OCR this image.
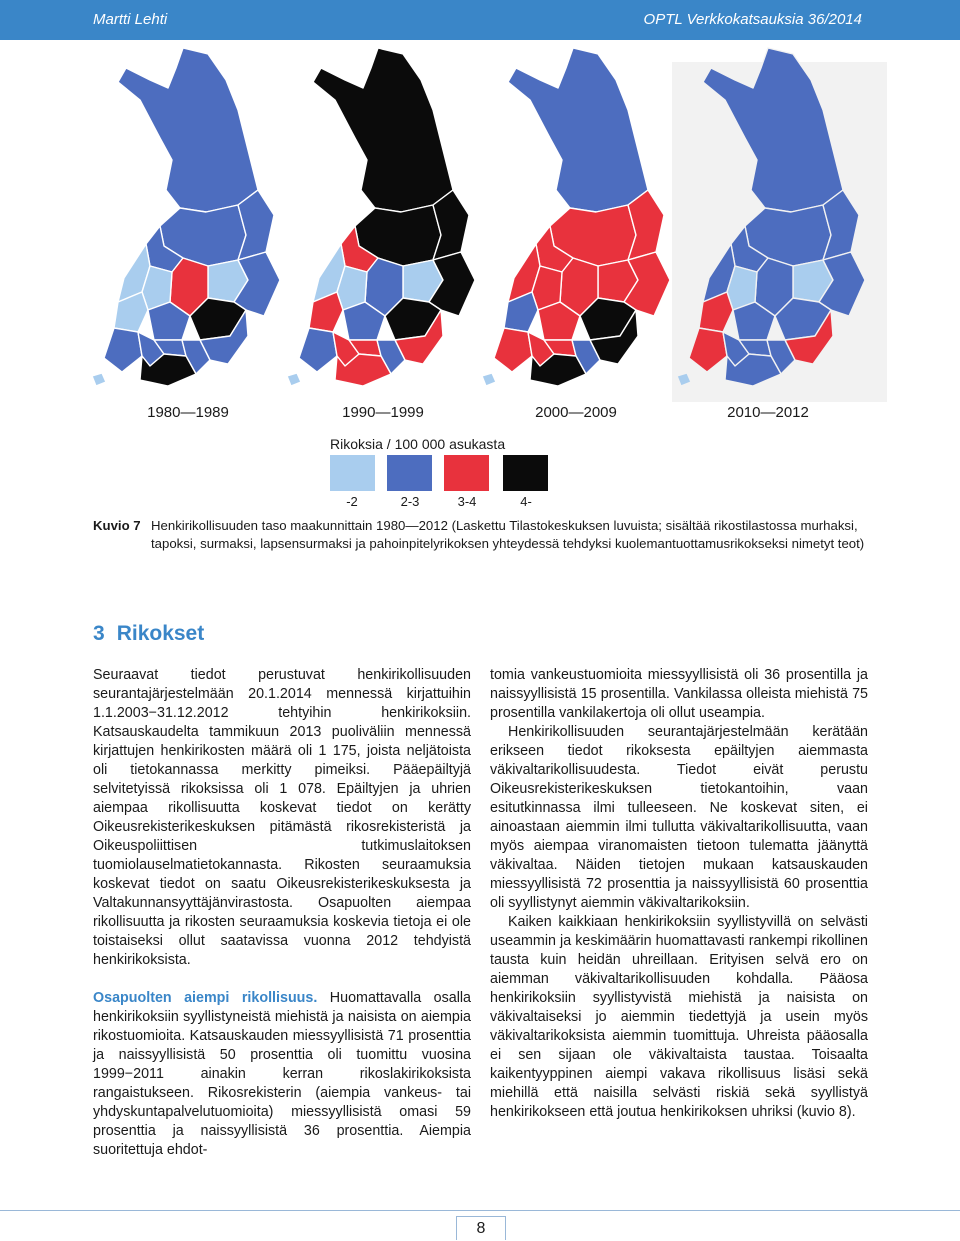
Martti Lehti	OPTL Verkkokatsauksia 36/2014
1980—1989	1990—1999	2000—2009	2010—2012
Rikoksia / 100 000 asukasta
-2	2-3	3-4	4-
Kuvio 7 Henkirikollisuuden taso maakunnittain 1980—2012 (Laskettu Tilastokeskuksen luvuista; sisältää rikostilastossa murhaksi, tapoksi, surmaksi, lapsensurmaksi ja pahoinpitelyrikoksen yhteydessä tehdyksi kuolemantuottamusrikokseksi nimetyt teot)
3 Rikokset

Seuraavat tiedot perustuvat henkirikollisuuden seurantajärjestelmään 20.1.2014 mennessä kirjattuihin 1.1.2003−31.12.2012 tehtyihin henkirikoksiin. Katsauskaudelta tammikuun 2013 puoliväliin mennessä kirjattujen henkirikosten määrä oli 1 175, joista neljätoista oli tietokannassa merkitty pimeiksi. Pääepäiltyjä selvitetyissä rikoksissa oli 1 078. Epäiltyjen ja uhrien aiempaa rikollisuutta koskevat tiedot on kerätty Oikeusrekisterikeskuksen pitämästä rikosrekisteristä ja Oikeuspoliittisen tutkimuslaitoksen tuomiolauselmatietokannasta. Rikosten seuraamuksia koskevat tiedot on saatu Oikeusrekisterikeskuksesta ja Valtakunnansyyttäjänvirastosta. Osapuolten aiempaa rikollisuutta ja rikosten seuraamuksia koskevia tietoja ei ole toistaiseksi ollut saatavissa vuonna 2012 tehdyistä henkirikoksista.

Osapuolten aiempi rikollisuus. Huomattavalla osalla henkirikoksiin syyllistyneistä miehistä ja naisista on aiempia rikostuomioita. Katsauskauden miessyyllisistä 71 prosenttia ja naissyyllisistä 50 prosenttia oli tuomittu vuosina 1999−2011 ainakin kerran rikoslakirikoksista rangaistukseen. Rikosrekisterin (aiempia vankeus- tai yhdyskuntapalvelutuomioita) miessyyllisistä omasi 59 prosenttia ja naissyyllisistä 36 prosenttia. Aiempia suoritettuja ehdot-

tomia vankeustuomioita miessyyllisistä oli 36 prosentilla ja naissyyllisistä 15 prosentilla. Vankilassa olleista miehistä 75 prosentilla vankilakertoja oli ollut useampia.

Henkirikollisuuden seurantajärjestelmään kerätään erikseen tiedot rikoksesta epäiltyjen aiemmasta väkivaltarikollisuudesta. Tiedot eivät perustu Oikeusrekisterikeskuksen tietokantoihin, vaan esitutkinnassa ilmi tulleeseen. Ne koskevat siten, ei ainoastaan aiemmin ilmi tullutta väkivaltarikollisuutta, vaan myös aiempaa viranomaisten tietoon tulematta jäänyttä väkivaltaa. Näiden tietojen mukaan katsauskauden miessyyllisistä 72 prosenttia ja naissyyllisistä 60 prosenttia oli syyllistynyt aiemmin väkivaltarikoksiin.

Kaiken kaikkiaan henkirikoksiin syyllistyvillä on selvästi useammin ja keskimäärin huomattavasti rankempi rikollinen tausta kuin heidän uhreillaan. Erityisen selvä ero on aiemman väkivaltarikollisuuden kohdalla. Pääosa henkirikoksiin syyllistyvistä miehistä ja naisista on väkivaltaiseksi jo aiemmin tiedettyjä ja usein myös väkivaltarikoksista aiemmin tuomittuja. Uhreista pääosalla ei sen sijaan ole väkivaltaista taustaa. Toisaalta kaikentyyppinen aiempi vakava rikollisuus lisäsi sekä miehillä että naisilla selvästi riskiä sekä syyllistyä henkirikokseen että joutua henkirikoksen uhriksi (kuvio 8).

8
